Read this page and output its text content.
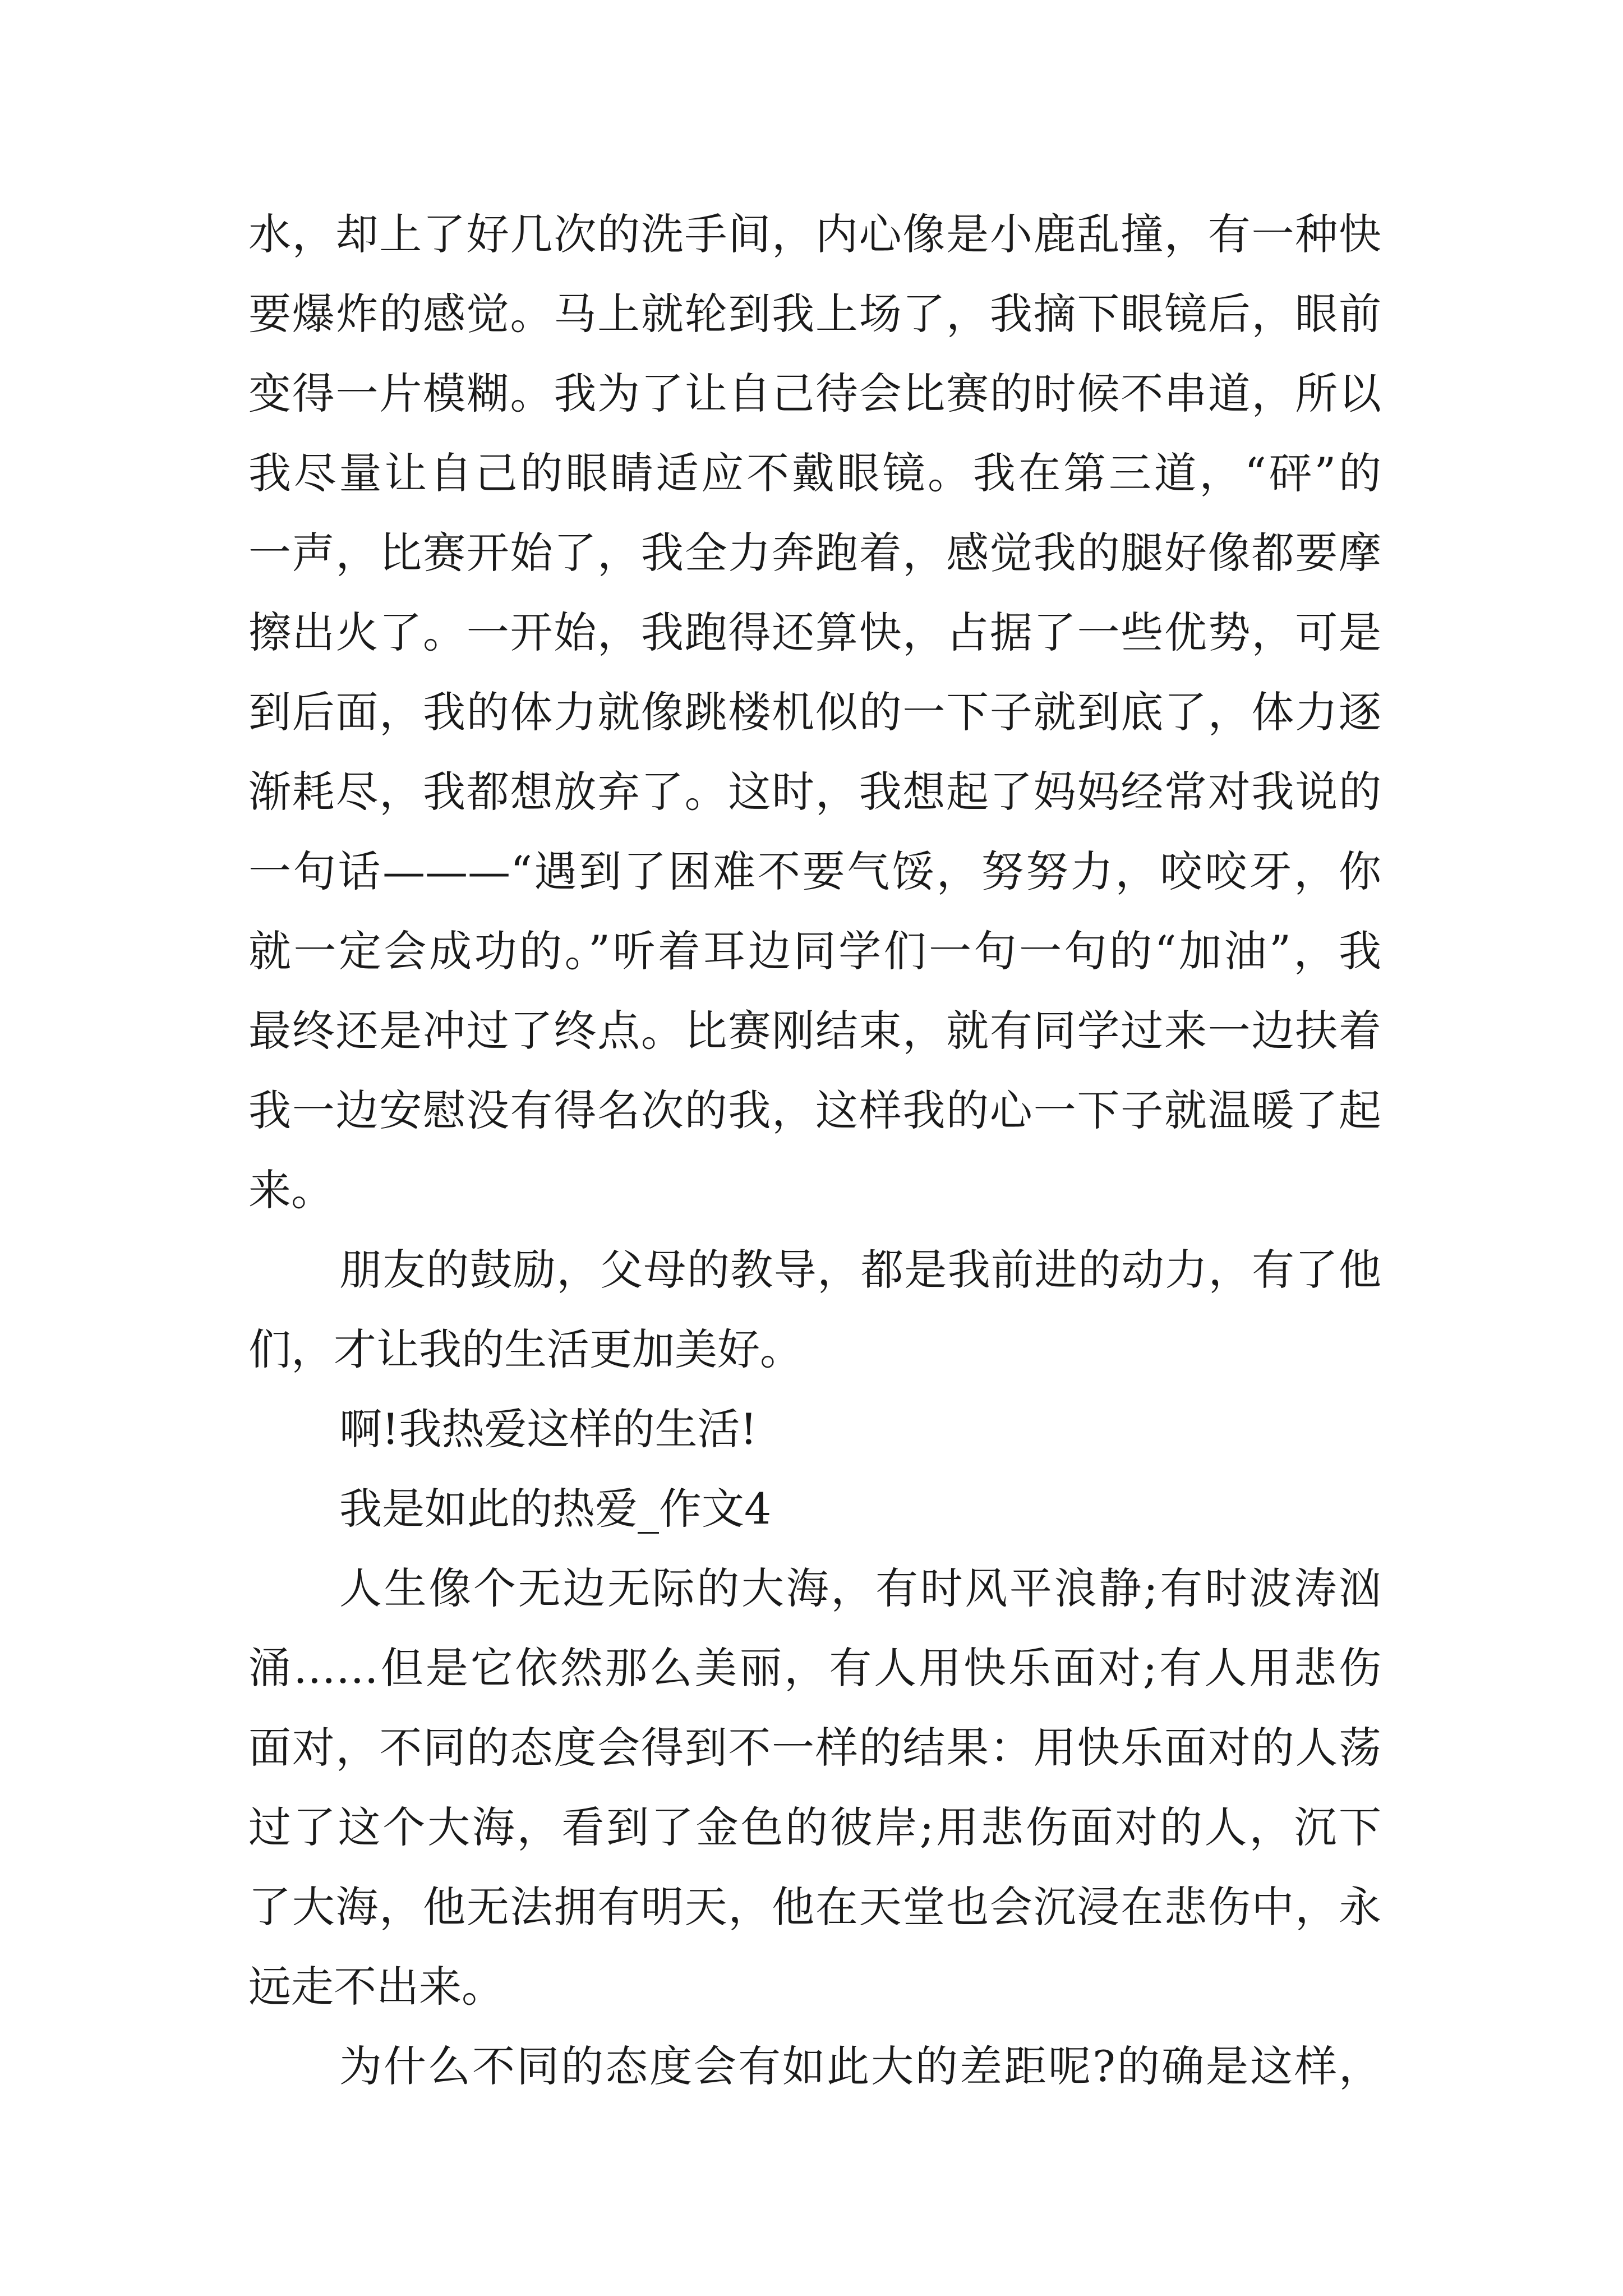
水，却上了好几次的洗手间，内心像是小鹿乱撞，有一种快
要爆炸的感觉。马上就轮到我上场了，我摘下眼镜后，眼前
变得一片模糊。我为了让自己待会比赛的时候不串道，所以
我尽量让自己的眼睛适应不戴眼镜。我在第三道，“砰”的
一声，比赛开始了，我全力奔跑着，感觉我的腿好像都要摩
擦出火了。一开始，我跑得还算快，占据了一些优势，可是
到后面，我的体力就像跳楼机似的一下子就到底了，体力逐
渐耗尽，我都想放弃了。这时，我想起了妈妈经常对我说的
一句话———“遇到了困难不要气馁，努努力，咬咬牙，你
就一定会成功的。”听着耳边同学们一句一句的“加油”，我
最终还是冲过了终点。比赛刚结束，就有同学过来一边扶着
我一边安慰没有得名次的我，这样我的心一下子就温暖了起
来。
朋友的鼓励，父母的教导，都是我前进的动力，有了他
们，才让我的生活更加美好。
啊!我热爱这样的生活!
我是如此的热爱_作文4
人生像个无边无际的大海，有时风平浪静;有时波涛汹
涌……但是它依然那么美丽，有人用快乐面对;有人用悲伤
面对，不同的态度会得到不一样的结果：用快乐面对的人荡
过了这个大海，看到了金色的彼岸;用悲伤面对的人，沉下
了大海，他无法拥有明天，他在天堂也会沉浸在悲伤中，永
远走不出来。
为什么不同的态度会有如此大的差距呢?的确是这样，
